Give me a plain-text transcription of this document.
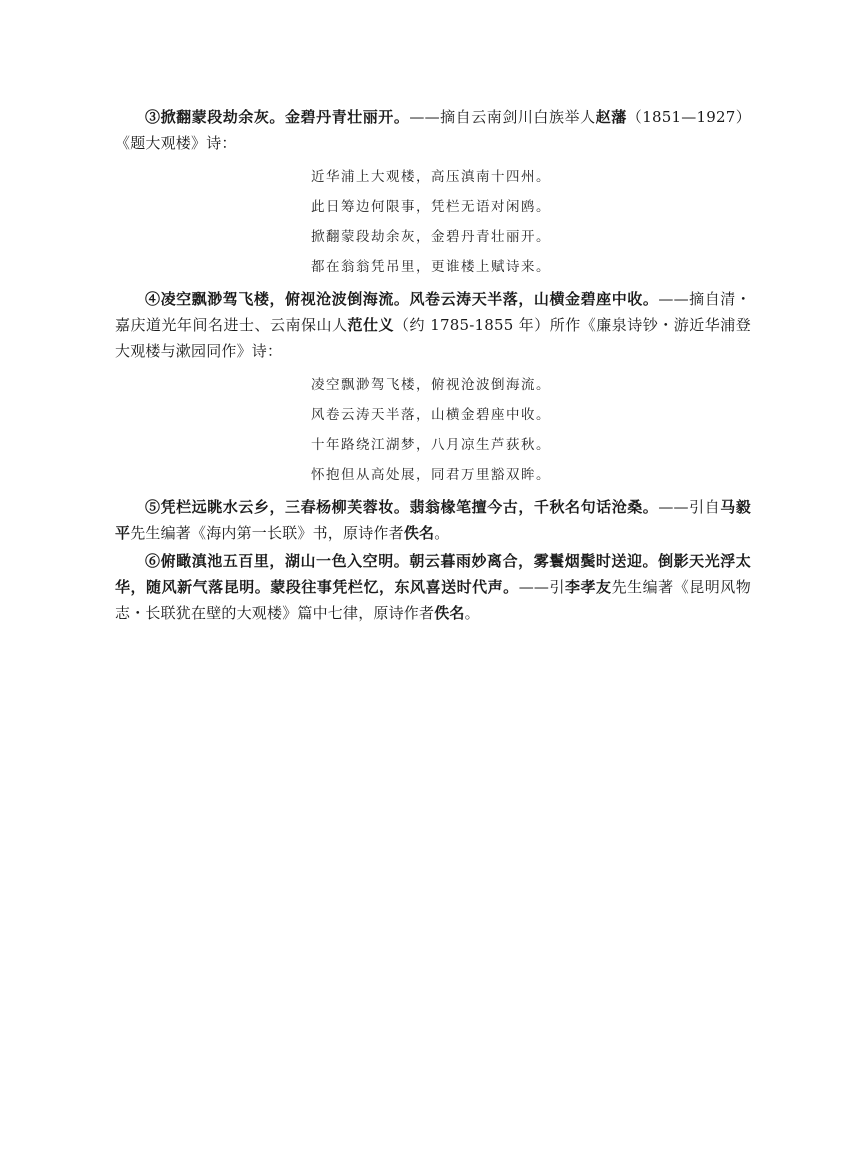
③掀翻蒙段劫余灰。金碧丹青壮丽开。——摘自云南剑川白族举人赵藩（1851—1927）《题大观楼》诗：

近华浦上大观楼，高压滇南十四州。
此日筹边何限事，凭栏无语对闲鸥。
掀翻蒙段劫余灰，金碧丹青壮丽开。
都在翁翁凭吊里，更谁楼上赋诗来。

④凌空飘渺驾飞楼，俯视沧波倒海流。风卷云涛天半落，山横金碧座中收。——摘自清・嘉庆道光年间名进士、云南保山人范仕义（约 1785-1855 年）所作《廉泉诗钞・游近华浦登大观楼与漱园同作》诗：

凌空飘渺驾飞楼，俯视沧波倒海流。
风卷云涛天半落，山横金碧座中收。
十年路绕江湖梦，八月凉生芦荻秋。
怀抱但从高处展，同君万里豁双眸。

⑤凭栏远眺水云乡，三春杨柳芙蓉妆。翡翁椽笔擅今古，千秋名句话沧桑。——引自马毅平先生编著《海内第一长联》书，原诗作者佚名。

⑥俯瞰滇池五百里，湖山一色入空明。朝云暮雨妙离合，雾鬟烟鬓时送迎。倒影天光浮太华，随风新气落昆明。蒙段往事凭栏忆，东风喜送时代声。——引李孝友先生编著《昆明风物志・长联犹在壁的大观楼》篇中七律，原诗作者佚名。
